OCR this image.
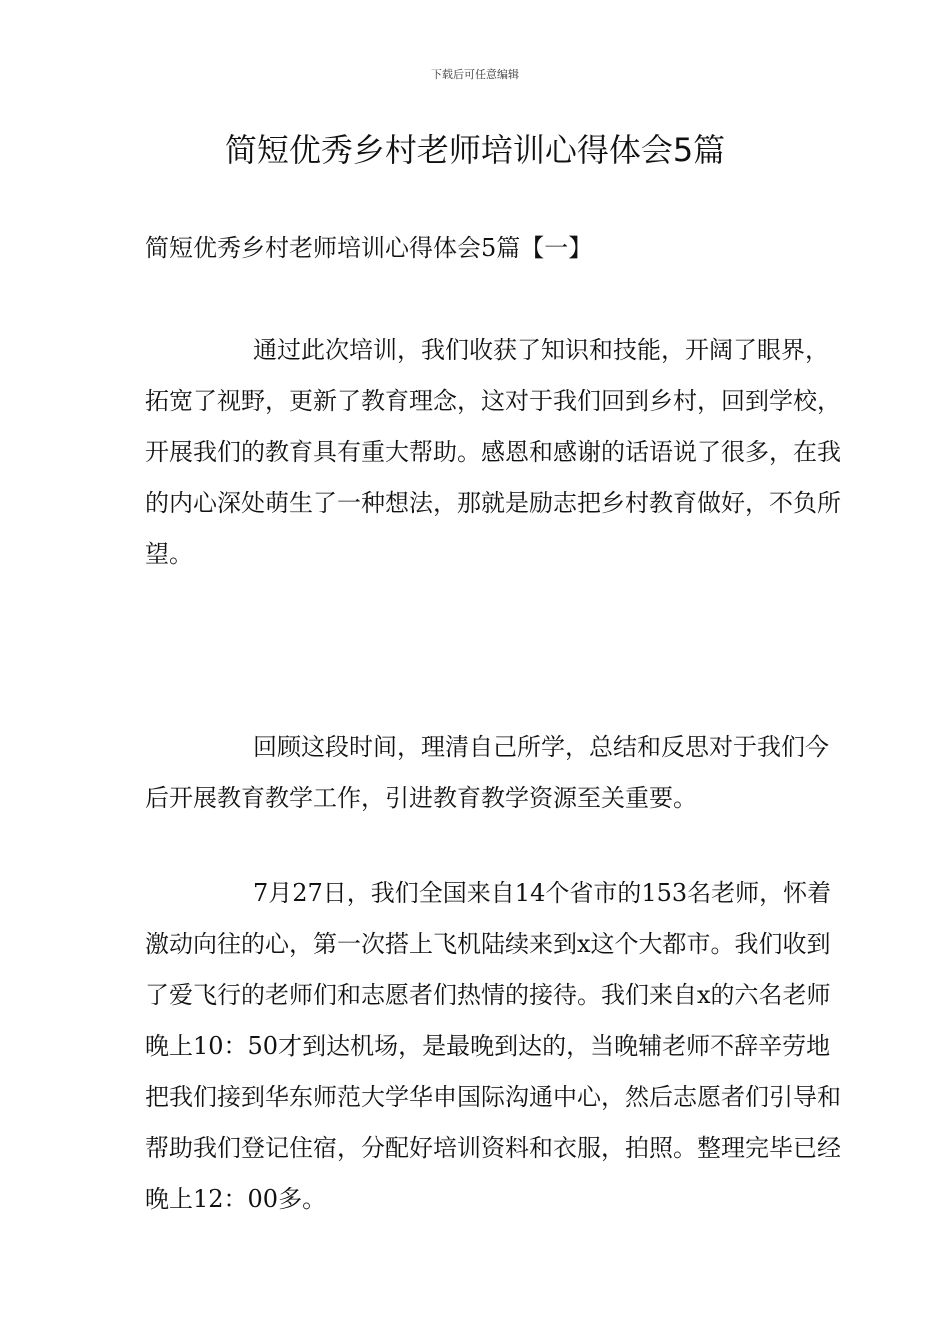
下载后可任意编辑
简短优秀乡村老师培训心得体会5篇
简短优秀乡村老师培训心得体会5篇【一】

通过此次培训，我们收获了知识和技能，开阔了眼界，拓宽了视野，更新了教育理念，这对于我们回到乡村，回到学校，开展我们的教育具有重大帮助。感恩和感谢的话语说了很多，在我的内心深处萌生了一种想法，那就是励志把乡村教育做好，不负所望。

回顾这段时间，理清自己所学，总结和反思对于我们今后开展教育教学工作，引进教育教学资源至关重要。

7月27日，我们全国来自14个省市的153名老师，怀着激动向往的心，第一次搭上飞机陆续来到x这个大都市。我们收到了爱飞行的老师们和志愿者们热情的接待。我们来自x的六名老师晚上10：50才到达机场，是最晚到达的，当晚辅老师不辞辛劳地把我们接到华东师范大学华申国际沟通中心，然后志愿者们引导和帮助我们登记住宿，分配好培训资料和衣服，拍照。整理完毕已经晚上12：00多。
